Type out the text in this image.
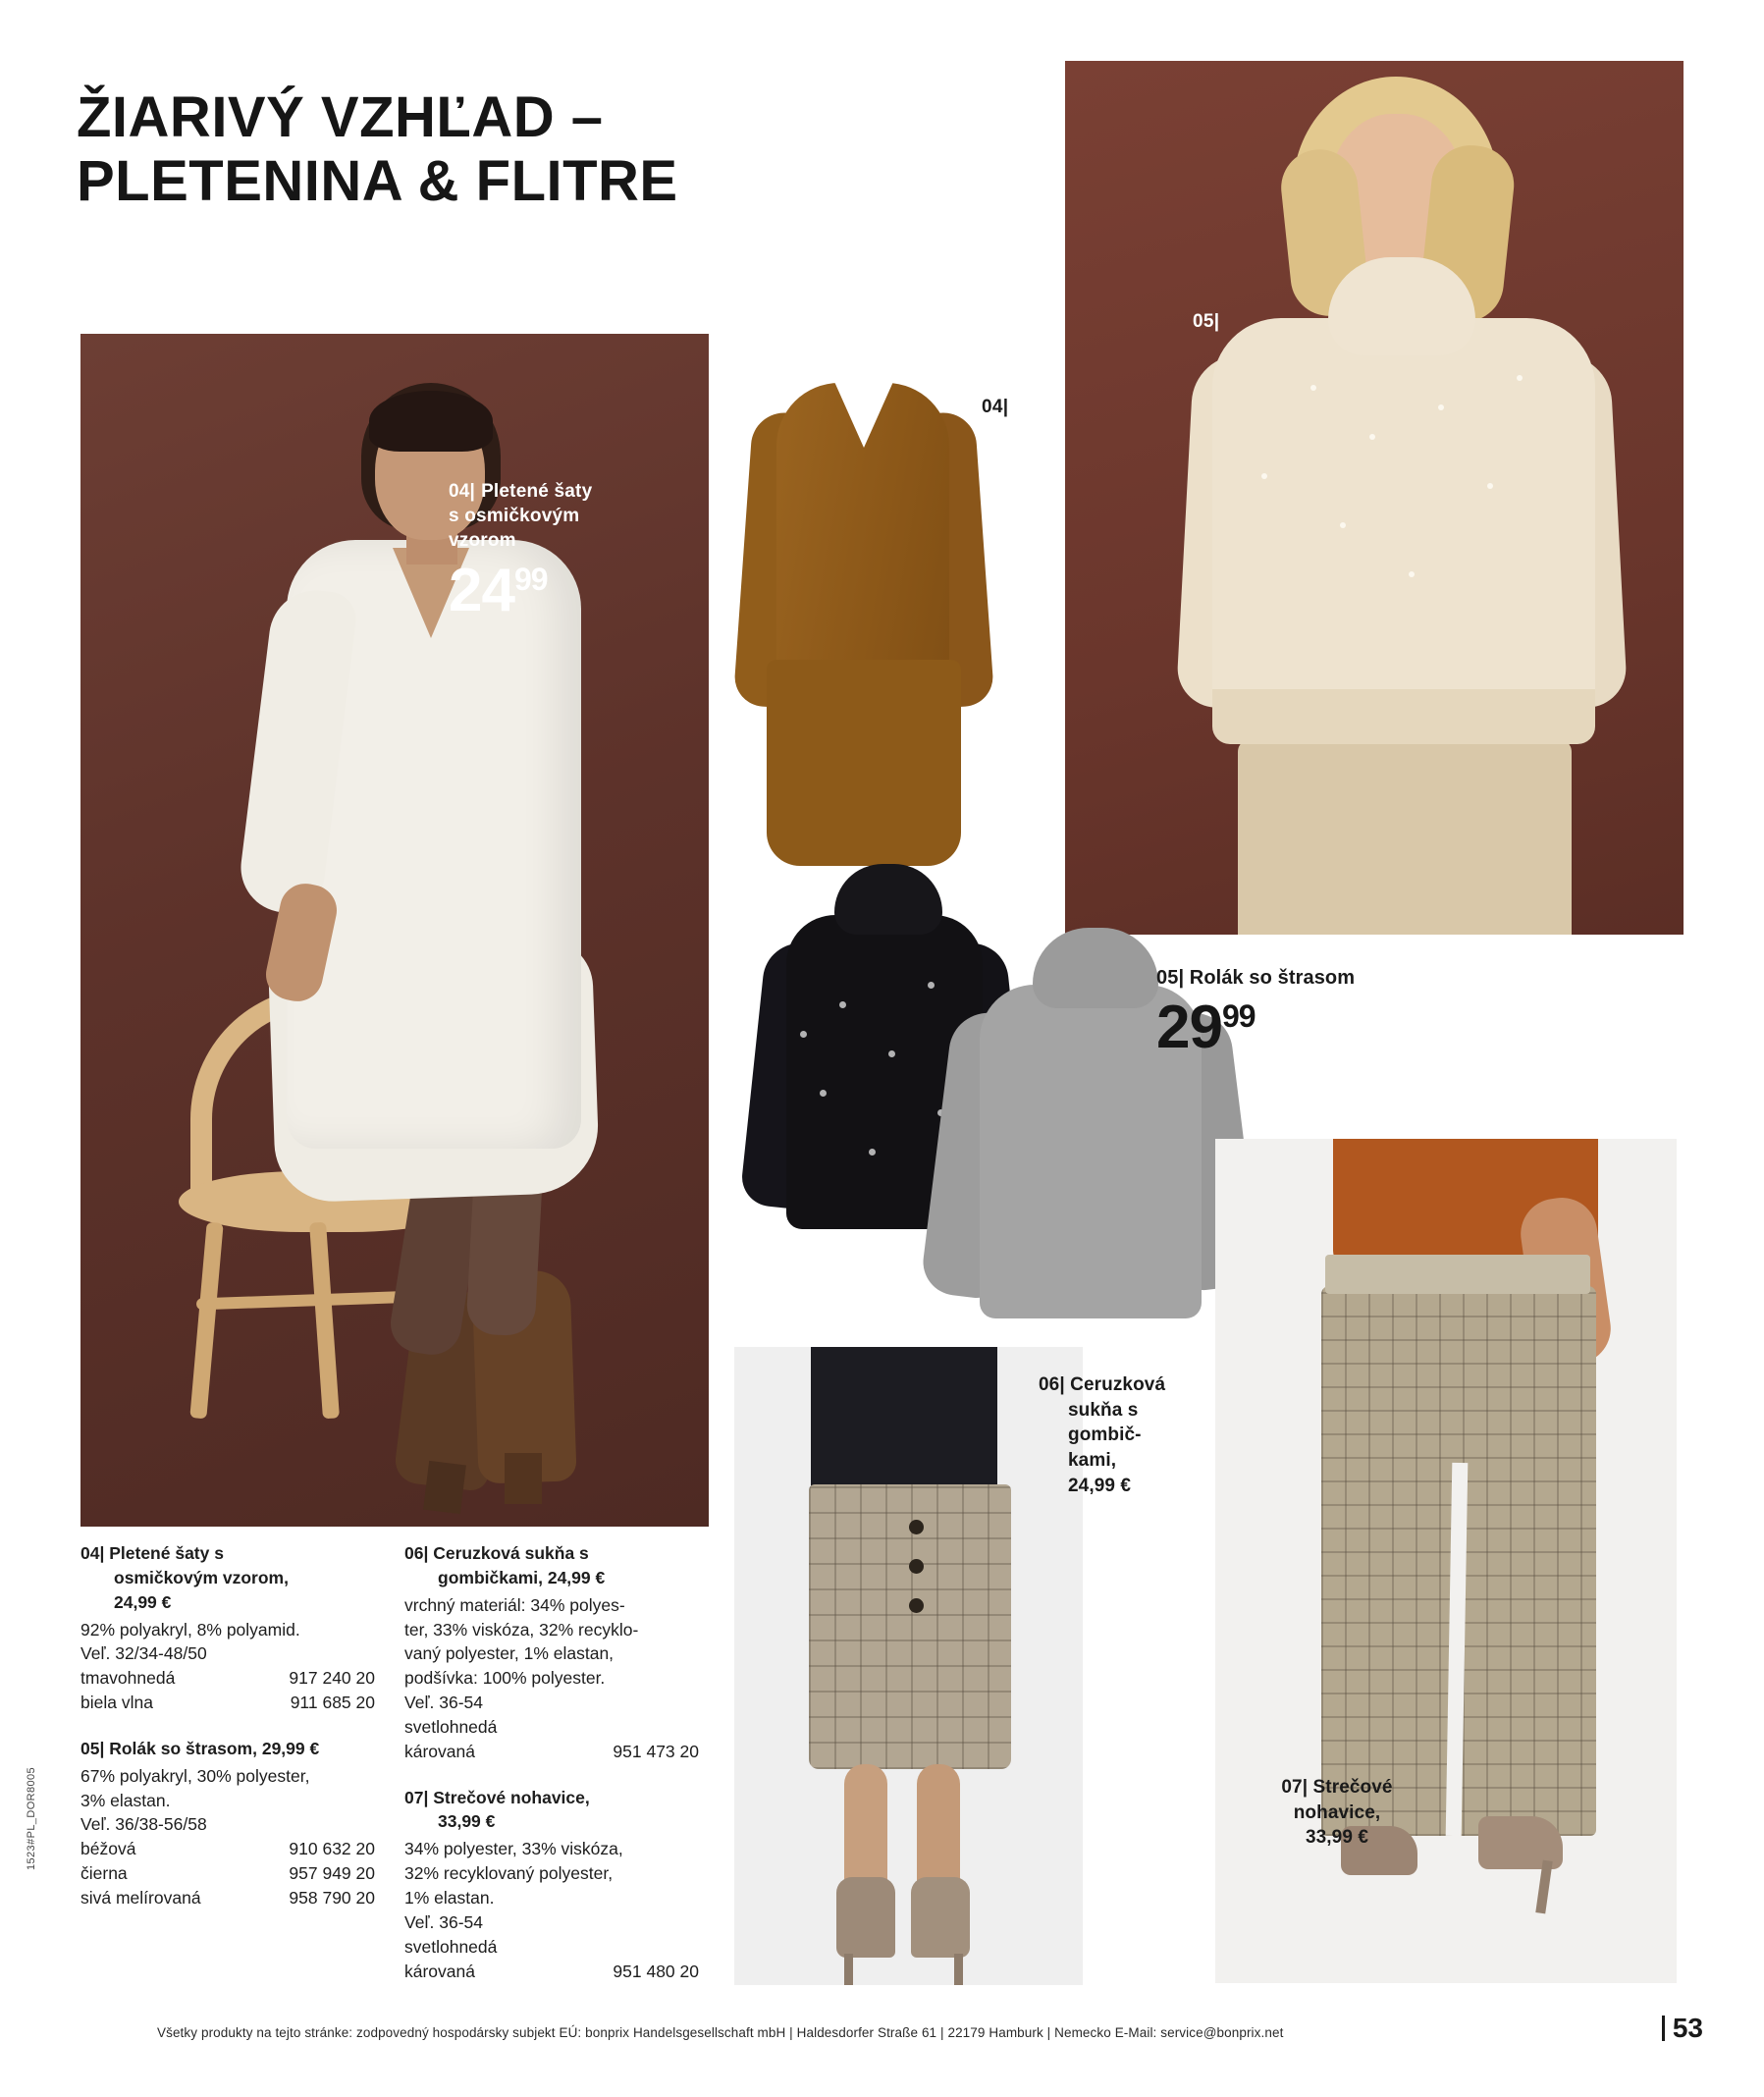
ŽIARIVÝ VZHĽAD –
PLETENINA & FLITRE
04| Pletené šaty
s osmičkovým
vzorom
24 99
04|
05|
05| Rolák so štrasom
29 99
06| Ceruzková
sukňa s
gombič-
kami,
24,99 €
07| Strečové
nohavice,
33,99 €
04| Pletené šaty s
osmičkovým vzorom,
24,99 €
92% polyakryl, 8% polyamid.
Veľ. 32/34-48/50
tmavohnedá	917 240 20
biela vlna	911 685 20
05| Rolák so štrasom, 29,99 €
67% polyakryl, 30% polyester,
3% elastan.
Veľ. 36/38-56/58
béžová	910 632 20
čierna	957 949 20
sivá melírovaná	958 790 20
06| Ceruzková sukňa s
gombičkami, 24,99 €
vrchný materiál: 34% polyes-
ter, 33% viskóza, 32% recyklo-
vaný polyester, 1% elastan,
podšívka: 100% polyester.
Veľ. 36-54
svetlohnedá
károvaná	951 473 20
07| Strečové nohavice,
33,99 €
34% polyester, 33% viskóza,
32% recyklovaný polyester,
1% elastan.
Veľ. 36-54
svetlohnedá
károvaná	951 480 20
Všetky produkty na tejto stránke: zodpovedný hospodársky subjekt EÚ: bonprix Handelsgesellschaft mbH | Haldesdorfer Straße 61 | 22179 Hamburk | Nemecko E-Mail: service@bonprix.net	53
1523#PL_DOR8005
